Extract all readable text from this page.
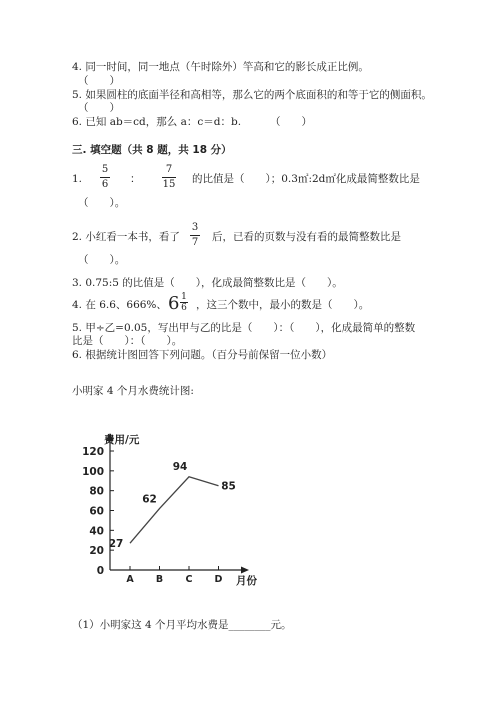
4. 同一时间，同一地点（午时除外）竿高和它的影长成正比例。
（　　）
5. 如果圆柱的底面半径和高相等，那么它的两个底面积的和等于它的侧面积。
（　　）
6. 已知 ab＝cd，那么 a：c＝d：b.	（　　）
三. 填空题（共 8 题，共 18 分）
1.
5
6 ：
7
15 的比值是（　　）；0.3㎡:2d㎡化成最简整数比是
（　　）。
2. 小红看一本书，看了
3
7 后，已看的页数与没有看的最简整数比是
（　　）。
3. 0.75:5 的比值是（　　），化成最简整数比是（　　）。
4. 在 6.6、666%、 6 1
6 ，这三个数中，最小的数是（　　）。
5. 甲÷乙=0.05，写出甲与乙的比是（　　）：（　　），化成最简单的整数
比是（　　）：（　　）。
6. 根据统计图回答下列问题。（百分号前保留一位小数）
小明家 4 个月水费统计图:
费用/元
月份
0
20
40
60
80
100
120
A B C D
27
62
94
85
（1）小明家这 4 个月平均水费是________元。
